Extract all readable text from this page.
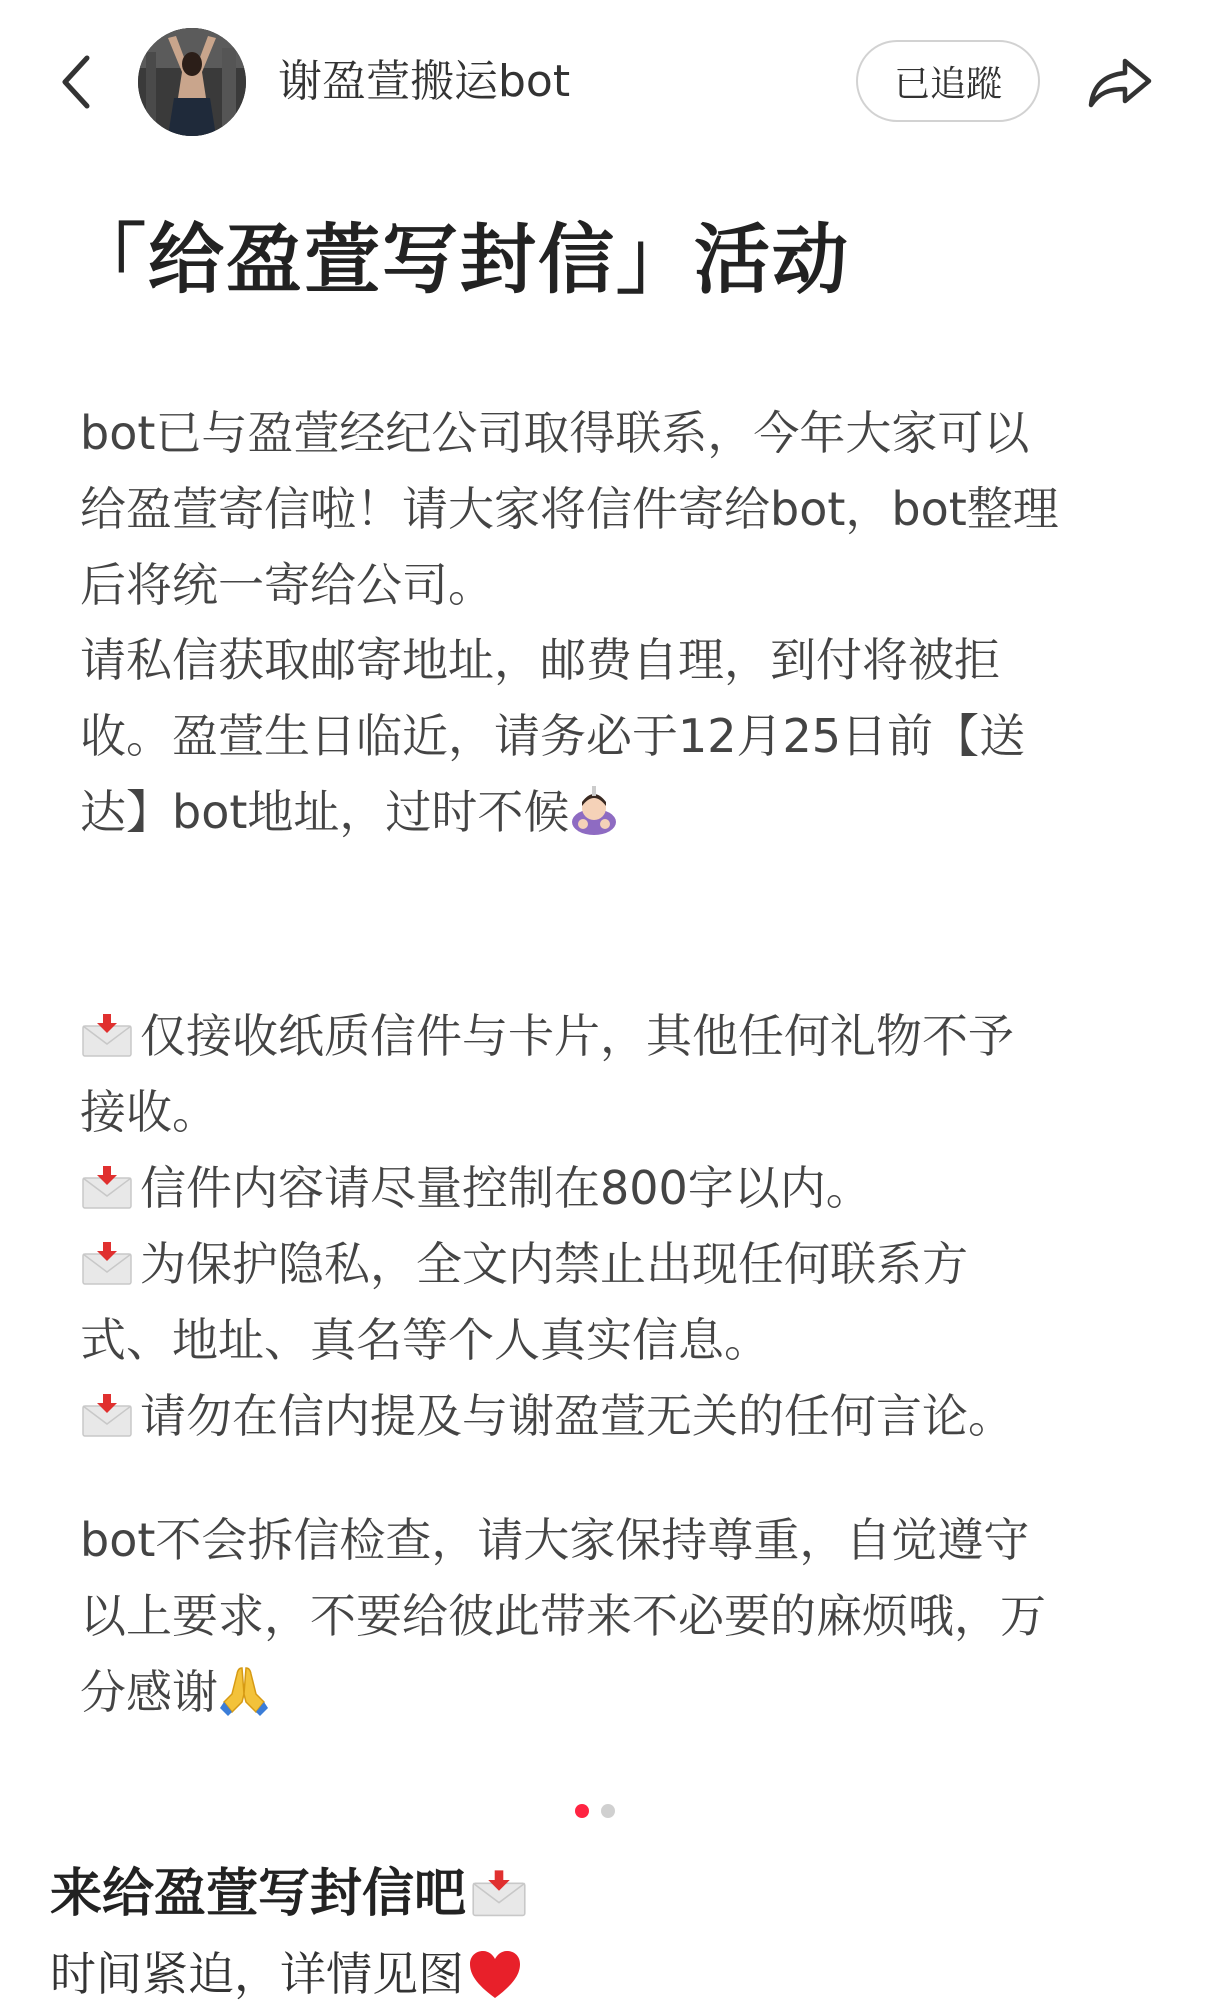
谢盈萱搬运bot	已追蹤
「给盈萱写封信」活动

bot已与盈萱经纪公司取得联系，今年大家可以
给盈萱寄信啦！请大家将信件寄给bot，bot整理
后将统一寄给公司。

请私信获取邮寄地址，邮费自理，到付将被拒
收。盈萱生日临近，请务必于12月25日前【送
达】bot地址，过时不候

仅接收纸质信件与卡片，其他任何礼物不予
接收。
信件内容请尽量控制在800字以内。
为保护隐私，全文内禁止出现任何联系方
式、地址、真名等个人真实信息。
请勿在信内提及与谢盈萱无关的任何言论。

bot不会拆信检查，请大家保持尊重，自觉遵守
以上要求，不要给彼此带来不必要的麻烦哦，万
分感谢

来给盈萱写封信吧
时间紧迫，详情见图
